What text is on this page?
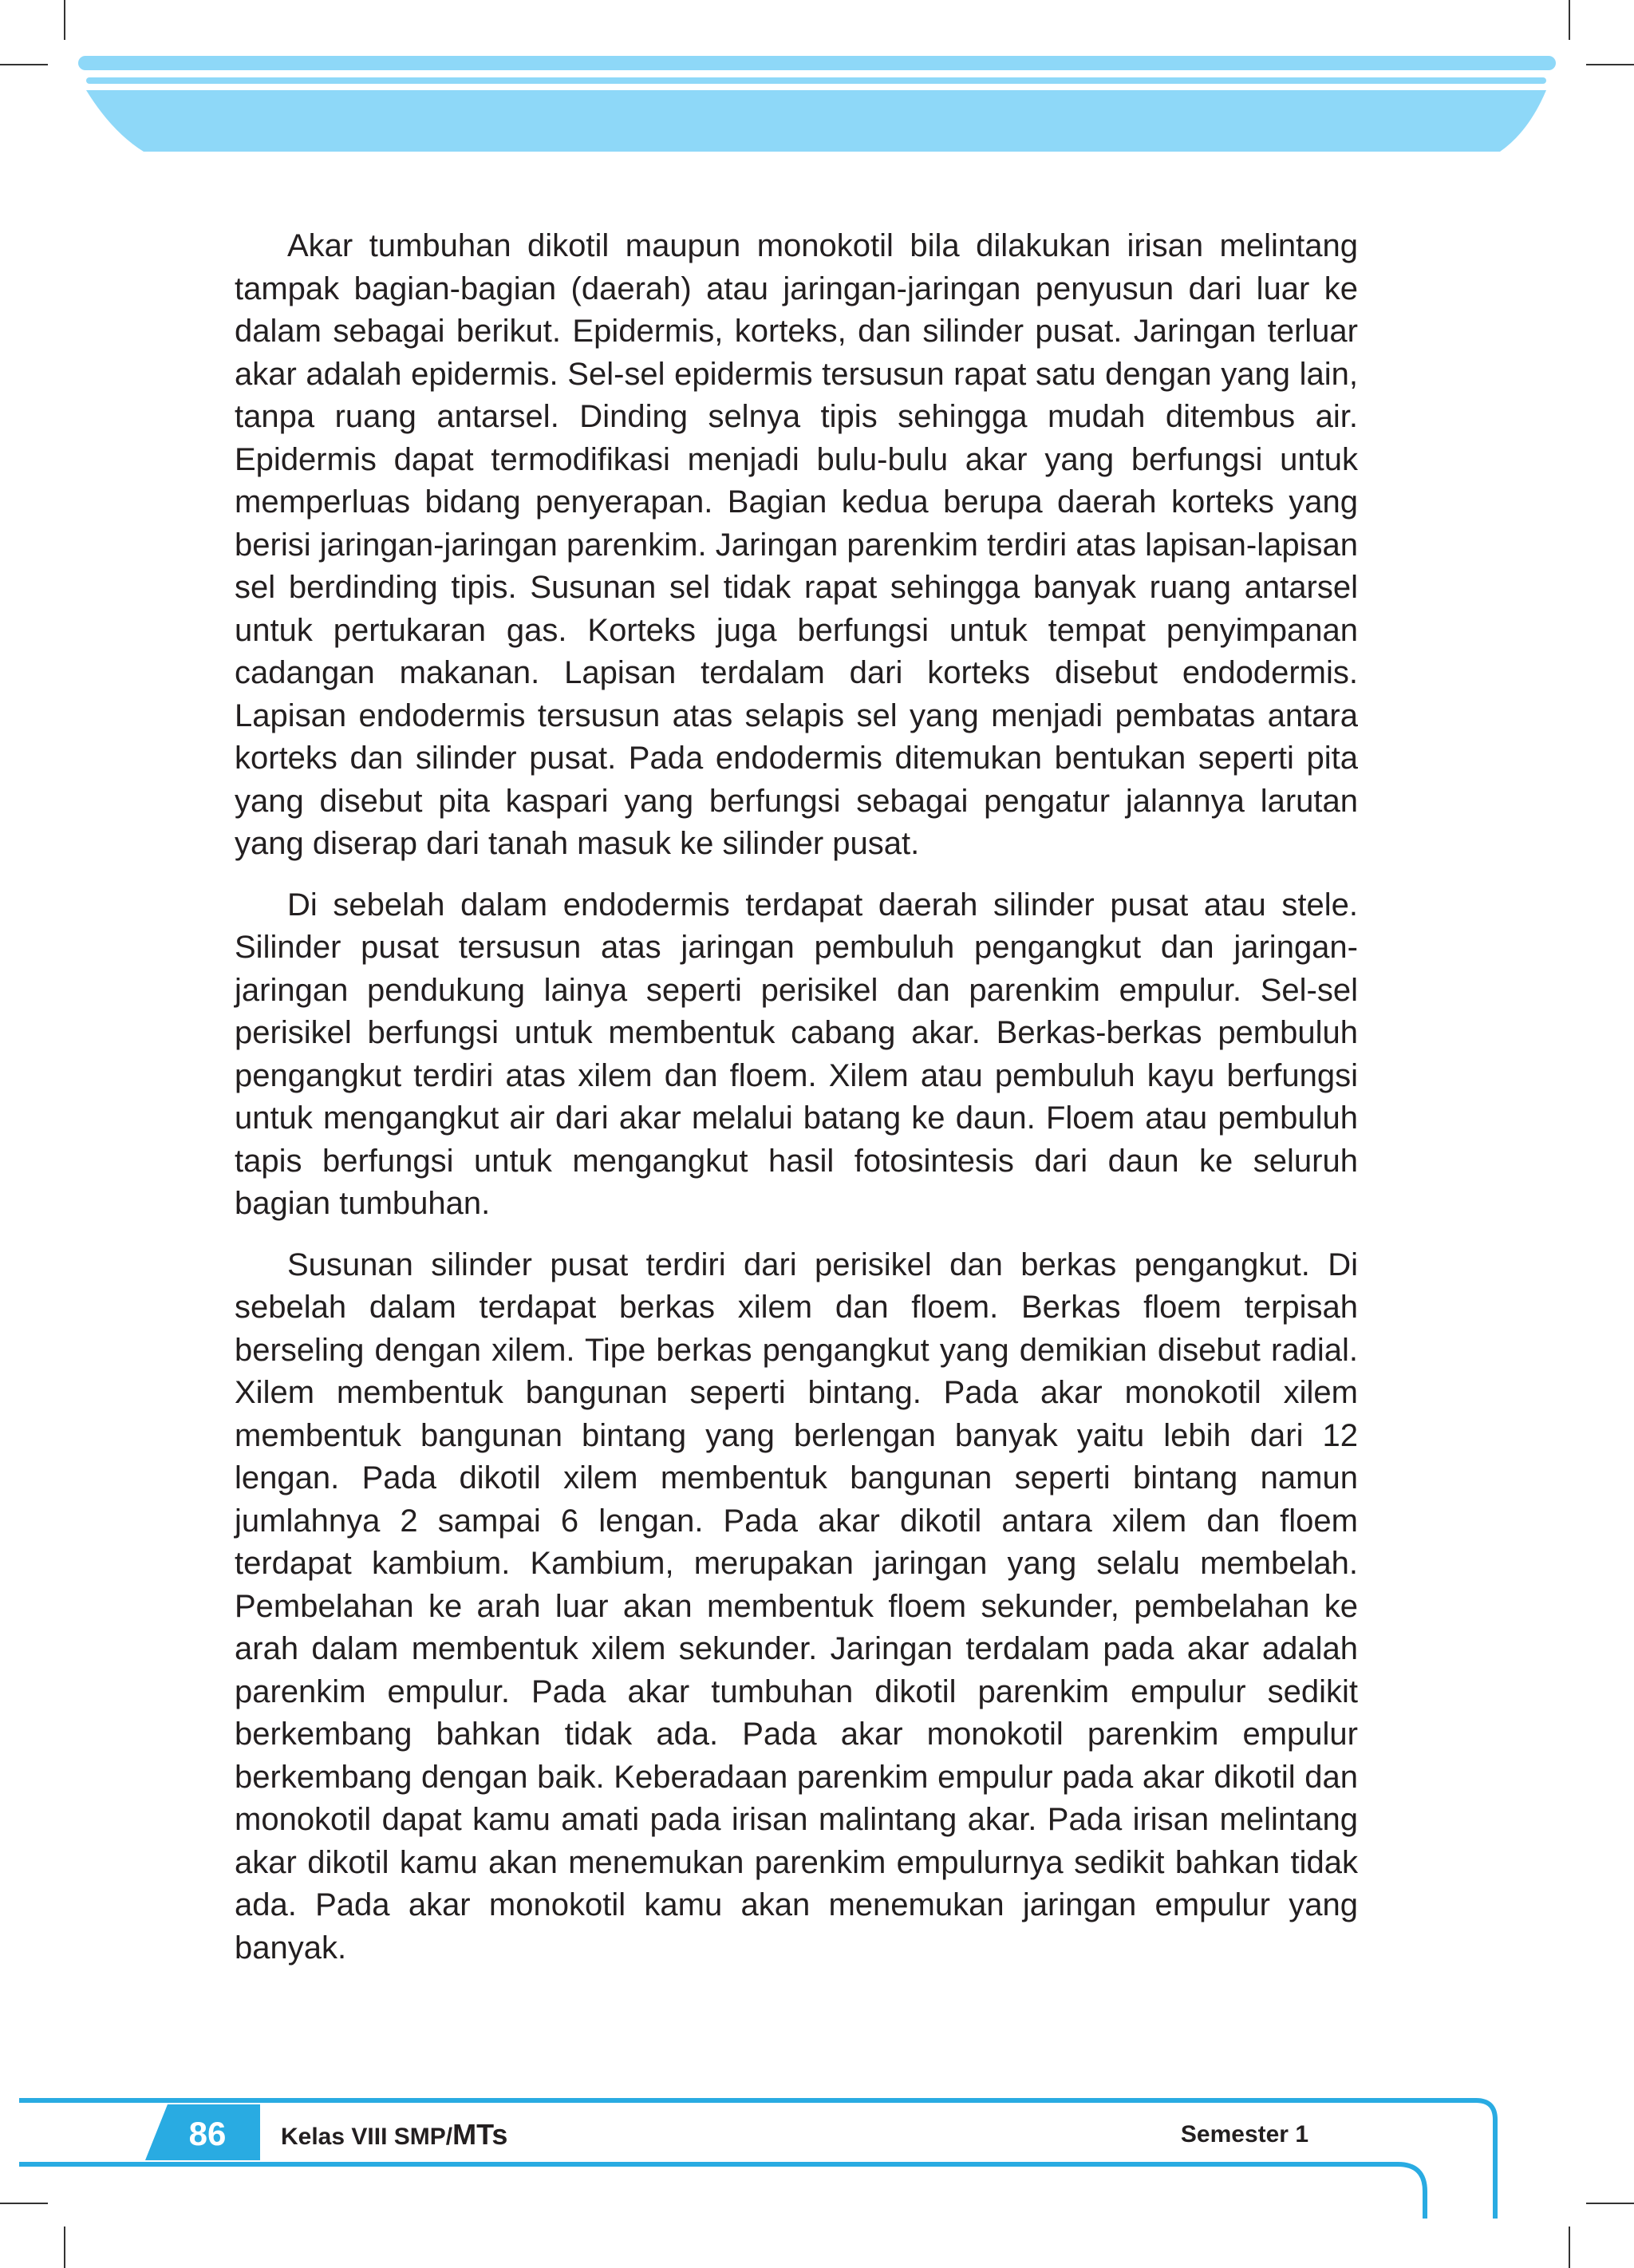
Akar tumbuhan dikotil maupun monokotil bila dilakukan irisan melintang tampak bagian-bagian (daerah) atau jaringan-jaringan penyusun dari luar ke dalam sebagai berikut. Epidermis, korteks, dan silinder pusat. Jaringan terluar akar adalah epidermis. Sel-sel epidermis tersusun rapat satu dengan yang lain, tanpa ruang antarsel. Dinding selnya tipis sehingga mudah ditembus air. Epidermis dapat termodifikasi menjadi bulu-bulu akar yang berfungsi untuk memperluas bidang penyerapan. Bagian kedua berupa daerah korteks yang berisi jaringan-jaringan parenkim. Jaringan parenkim terdiri atas lapisan-lapisan sel berdinding tipis. Susunan sel tidak rapat sehingga banyak ruang antarsel untuk pertukaran gas. Korteks juga berfungsi untuk tempat penyimpanan cadangan makanan. Lapisan terdalam dari korteks disebut endodermis. Lapisan endodermis tersusun atas selapis sel yang menjadi pembatas antara korteks dan silinder pusat. Pada endodermis ditemukan bentukan seperti pita yang disebut pita kaspari yang berfungsi sebagai pengatur jalannya larutan yang diserap dari tanah masuk ke silinder pusat.

Di sebelah dalam endodermis terdapat daerah silinder pusat atau stele. Silinder pusat tersusun atas jaringan pembuluh pengangkut dan jaringan-jaringan pendukung lainya seperti perisikel dan parenkim empulur. Sel-sel perisikel berfungsi untuk membentuk cabang akar. Berkas-berkas pembuluh pengangkut terdiri atas xilem dan floem. Xilem atau pembuluh kayu berfungsi untuk mengangkut air dari akar melalui batang ke daun. Floem atau pembuluh tapis berfungsi untuk mengangkut hasil fotosintesis dari daun ke seluruh bagian tumbuhan.

Susunan silinder pusat terdiri dari perisikel dan berkas pengangkut. Di sebelah dalam terdapat berkas xilem dan floem. Berkas floem terpisah berseling dengan xilem. Tipe berkas pengangkut yang demikian disebut radial. Xilem membentuk bangunan seperti bintang. Pada akar monokotil xilem membentuk bangunan bintang yang berlengan banyak yaitu lebih dari 12 lengan. Pada dikotil xilem membentuk bangunan seperti bintang namun jumlahnya 2 sampai 6 lengan. Pada akar dikotil antara xilem dan floem terdapat kambium. Kambium, merupakan jaringan yang selalu membelah. Pembelahan ke arah luar akan membentuk floem sekunder, pembelahan ke arah dalam membentuk xilem sekunder. Jaringan terdalam pada akar adalah parenkim empulur. Pada akar tumbuhan dikotil parenkim empulur sedikit berkembang bahkan tidak ada. Pada akar monokotil parenkim empulur berkembang dengan baik. Keberadaan parenkim empulur pada akar dikotil dan monokotil dapat kamu amati pada irisan malintang akar. Pada irisan melintang akar dikotil kamu akan menemukan parenkim empulurnya sedikit bahkan tidak ada. Pada akar monokotil kamu akan menemukan jaringan empulur yang banyak.

86	Kelas VIII SMP/MTs	Semester 1
